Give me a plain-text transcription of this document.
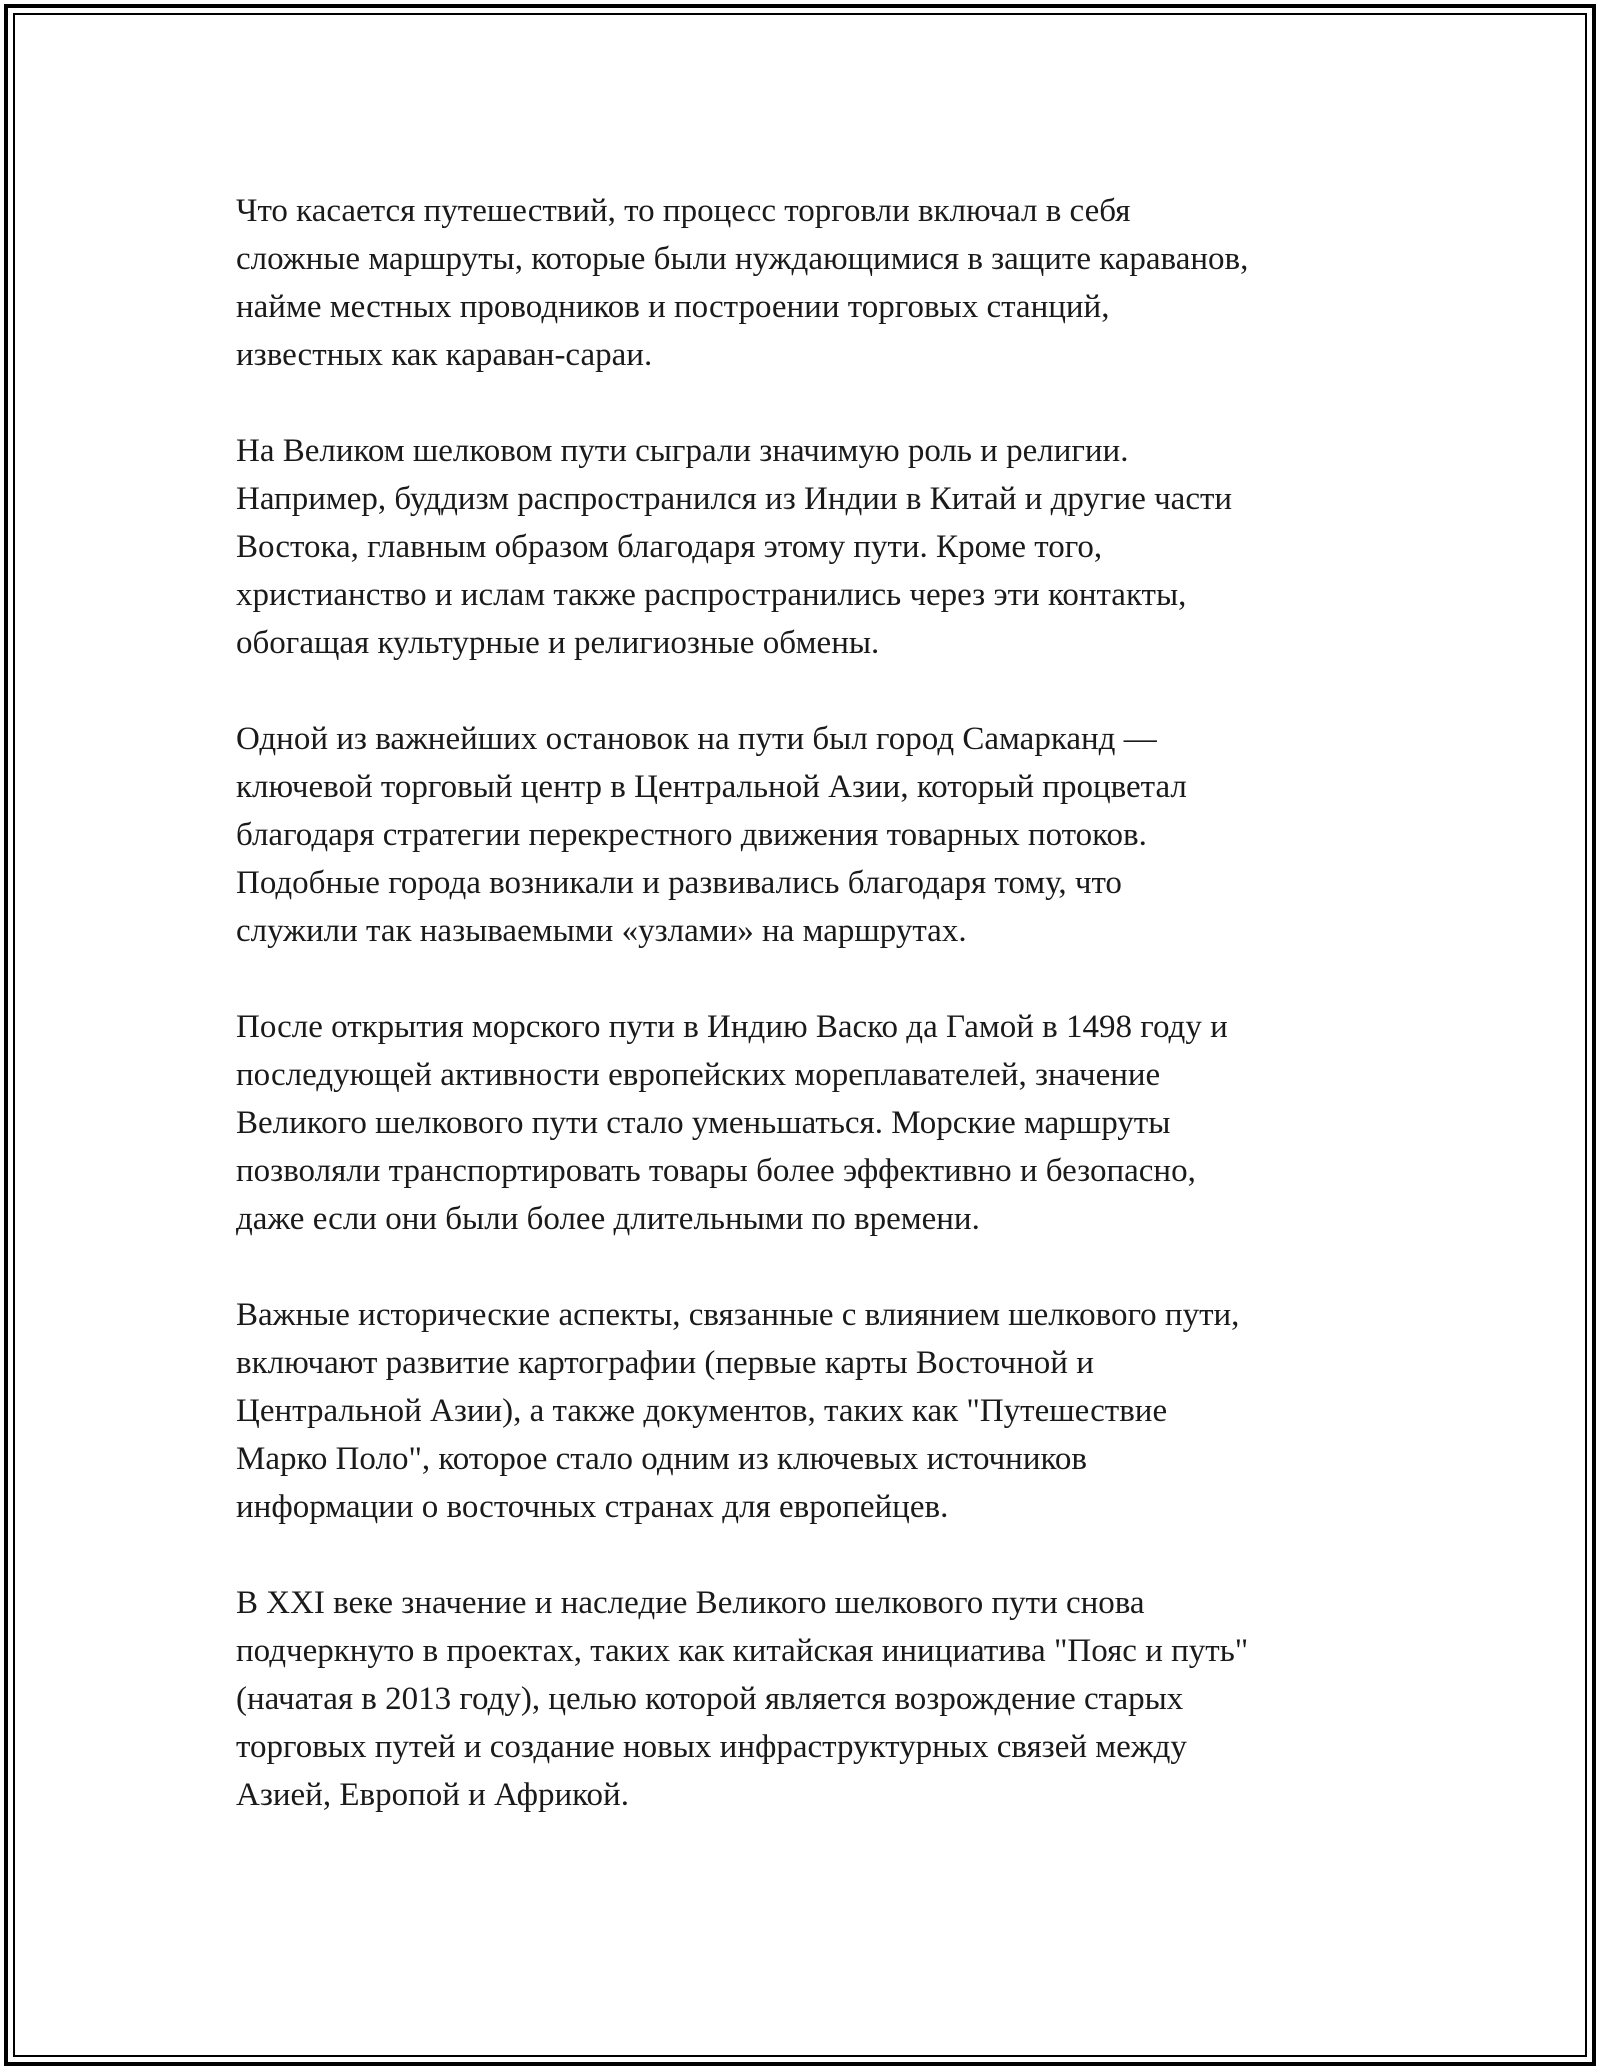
Что касается путешествий, то процесс торговли включал в себя
сложные маршруты, которые были нуждающимися в защите караванов,
найме местных проводников и построении торговых станций,
известных как караван-сараи.

На Великом шелковом пути сыграли значимую роль и религии.
Например, буддизм распространился из Индии в Китай и другие части
Востока, главным образом благодаря этому пути. Кроме того,
христианство и ислам также распространились через эти контакты,
обогащая культурные и религиозные обмены.

Одной из важнейших остановок на пути был город Самарканд —
ключевой торговый центр в Центральной Азии, который процветал
благодаря стратегии перекрестного движения товарных потоков.
Подобные города возникали и развивались благодаря тому, что
служили так называемыми «узлами» на маршрутах.

После открытия морского пути в Индию Васко да Гамой в 1498 году и
последующей активности европейских мореплавателей, значение
Великого шелкового пути стало уменьшаться. Морские маршруты
позволяли транспортировать товары более эффективно и безопасно,
даже если они были более длительными по времени.

Важные исторические аспекты, связанные с влиянием шелкового пути,
включают развитие картографии (первые карты Восточной и
Центральной Азии), а также документов, таких как "Путешествие
Марко Поло", которое стало одним из ключевых источников
информации о восточных странах для европейцев.

В XXI веке значение и наследие Великого шелкового пути снова
подчеркнуто в проектах, таких как китайская инициатива "Пояс и путь"
(начатая в 2013 году), целью которой является возрождение старых
торговых путей и создание новых инфраструктурных связей между
Азией, Европой и Африкой.
